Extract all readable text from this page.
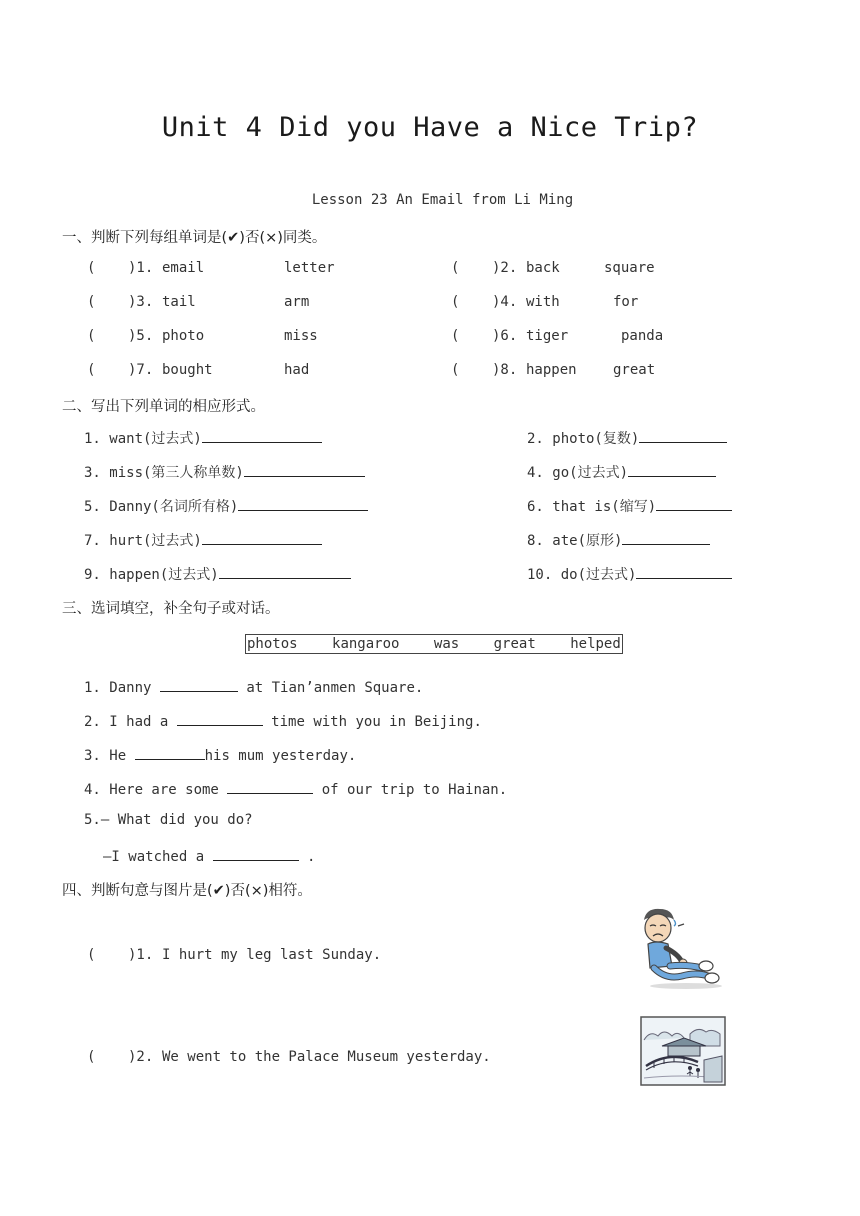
Unit 4 Did you Have a Nice Trip?
Lesson 23 An Email from Li Ming
一、判断下列每组单词是(✔)否(×)同类。
( )1. email	letter	( )2. back	square
( )3. tail	arm	( )4. with	for
( )5. photo	miss	( )6. tiger	panda
( )7. bought	had	( )8. happen	great
二、写出下列单词的相应形式。
1. want(过去式)	2. photo(复数)
3. miss(第三人称单数)	4. go(过去式)
5. Danny(名词所有格)	6. that is(缩写)
7. hurt(过去式)	8. ate(原形)
9. happen(过去式)	10. do(过去式)
三、选词填空，补全句子或对话。
photos kangaroo was great helped
1. Danny	at Tian’anmen Square.
2. I had a	time with you in Beijing.
3. He	his mum yesterday.
4. Here are some	of our trip to Hainan.
5.— What did you do?
—I watched a	.
四、判断句意与图片是(✔)否(×)相符。
( )1. I hurt my leg last Sunday.
( )2. We went to the Palace Museum yesterday.
